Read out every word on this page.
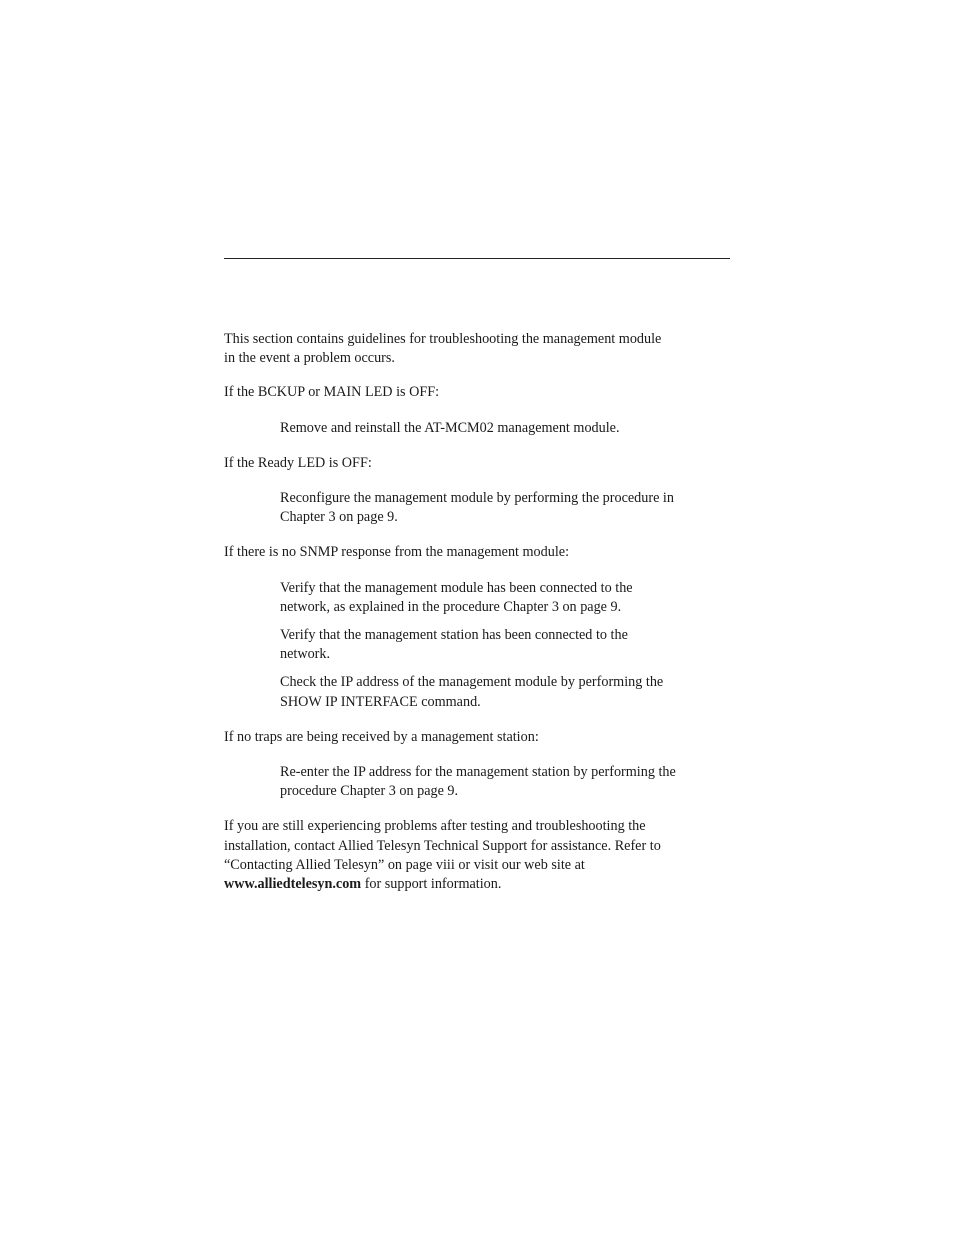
This section contains guidelines for troubleshooting the management module
in the event a problem occurs.

If the BCKUP or MAIN LED is OFF:

Remove and reinstall the AT-MCM02 management module.

If the Ready LED is OFF:

Reconfigure the management module by performing the procedure in
Chapter 3 on page 9.

If there is no SNMP response from the management module:

Verify that the management module has been connected to the
network, as explained in the procedure Chapter 3 on page 9.

Verify that the management station has been connected to the
network.

Check the IP address of the management module by performing the
SHOW IP INTERFACE command.

If no traps are being received by a management station:

Re-enter the IP address for the management station by performing the
procedure Chapter 3 on page 9.

If you are still experiencing problems after testing and troubleshooting the
installation, contact Allied Telesyn Technical Support for assistance. Refer to
“Contacting Allied Telesyn” on page viii or visit our web site at
www.alliedtelesyn.com for support information.
